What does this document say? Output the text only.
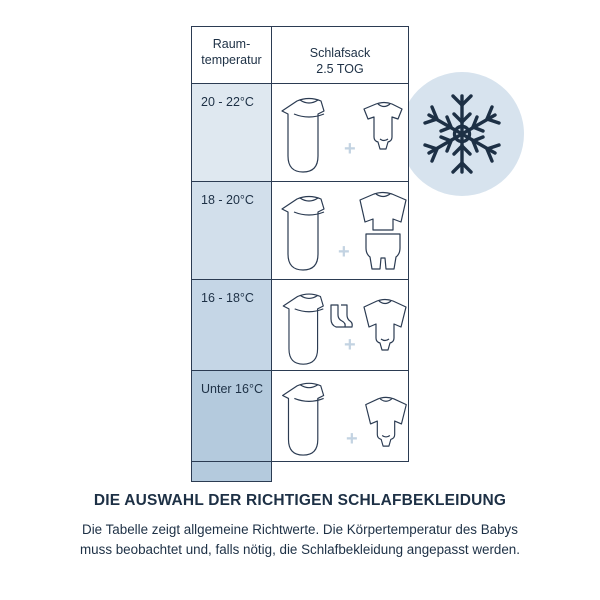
Raum-
temperatur	Schlafsack
2.5 TOG
20 - 22°C
+
18 - 20°C
+
16 - 18°C
+
Unter 16°C
+
DIE AUSWAHL DER RICHTIGEN SCHLAFBEKLEIDUNG

Die Tabelle zeigt allgemeine Richtwerte. Die Körpertemperatur des Babys

muss beobachtet und, falls nötig, die Schlafbekleidung angepasst werden.
